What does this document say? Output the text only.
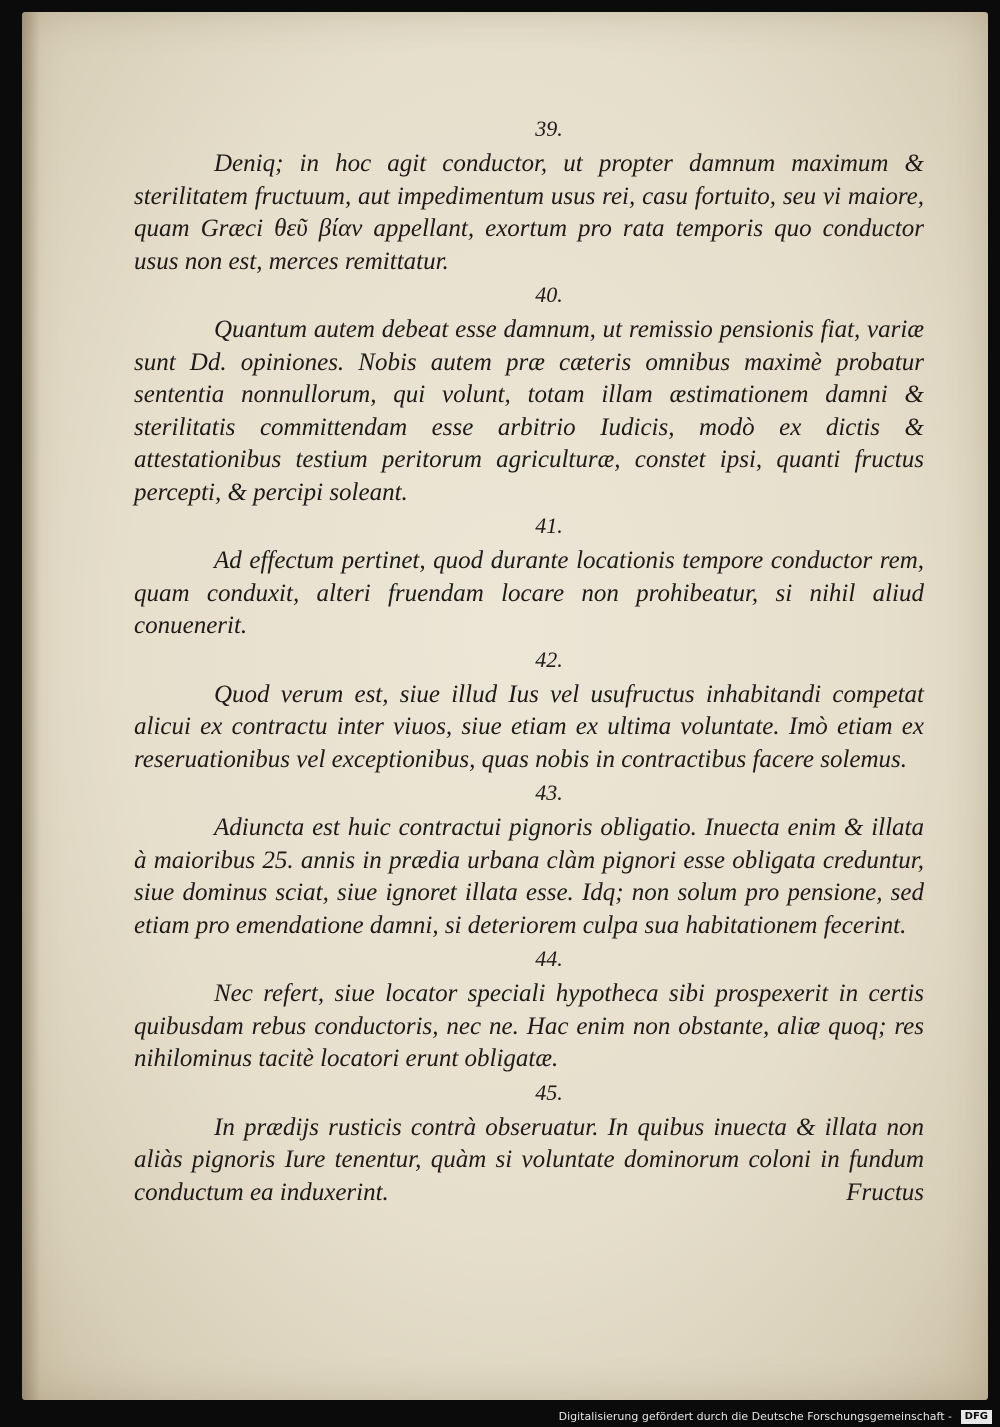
39.

Deniq; in hoc agit conductor, ut propter damnum maximum & sterilitatem fructuum, aut impedimentum usus rei, casu fortuito, seu vi maiore, quam Græci θεῦ βίαν appellant, exortum pro rata temporis quo conductor usus non est, merces remittatur.

40.

Quantum autem debeat esse damnum, ut remissio pensionis fiat, variæ sunt Dd. opiniones. Nobis autem præ cæteris omnibus maximè probatur sententia nonnullorum, qui volunt, totam illam æstimationem damni & sterilitatis committendam esse arbitrio Iudicis, modò ex dictis & attestationibus testium peritorum agriculturæ, constet ipsi, quanti fructus percepti, & percipi soleant.

41.

Ad effectum pertinet, quod durante locationis tempore conductor rem, quam conduxit, alteri fruendam locare non prohibeatur, si nihil aliud conuenerit.

42.

Quod verum est, siue illud Ius vel usufructus inhabitandi competat alicui ex contractu inter viuos, siue etiam ex ultima voluntate. Imò etiam ex reseruationibus vel exceptionibus, quas nobis in contractibus facere solemus.

43.

Adiuncta est huic contractui pignoris obligatio. Inuecta enim & illata à maioribus 25. annis in prædia urbana clàm pignori esse obligata creduntur, siue dominus sciat, siue ignoret illata esse. Idq; non solum pro pensione, sed etiam pro emendatione damni, si deteriorem culpa sua habitationem fecerint.

44.

Nec refert, siue locator speciali hypotheca sibi prospexerit in certis quibusdam rebus conductoris, nec ne. Hac enim non obstante, aliæ quoq; res nihilominus tacitè locatori erunt obligatæ.

45.

In prædijs rusticis contrà obseruatur. In quibus inuecta & illata non aliàs pignoris Iure tenentur, quàm si voluntate dominorum coloni in fundum conductum ea induxerint.	Fructus
Digitalisierung gefördert durch die Deutsche Forschungsgemeinschaft -	DFG
